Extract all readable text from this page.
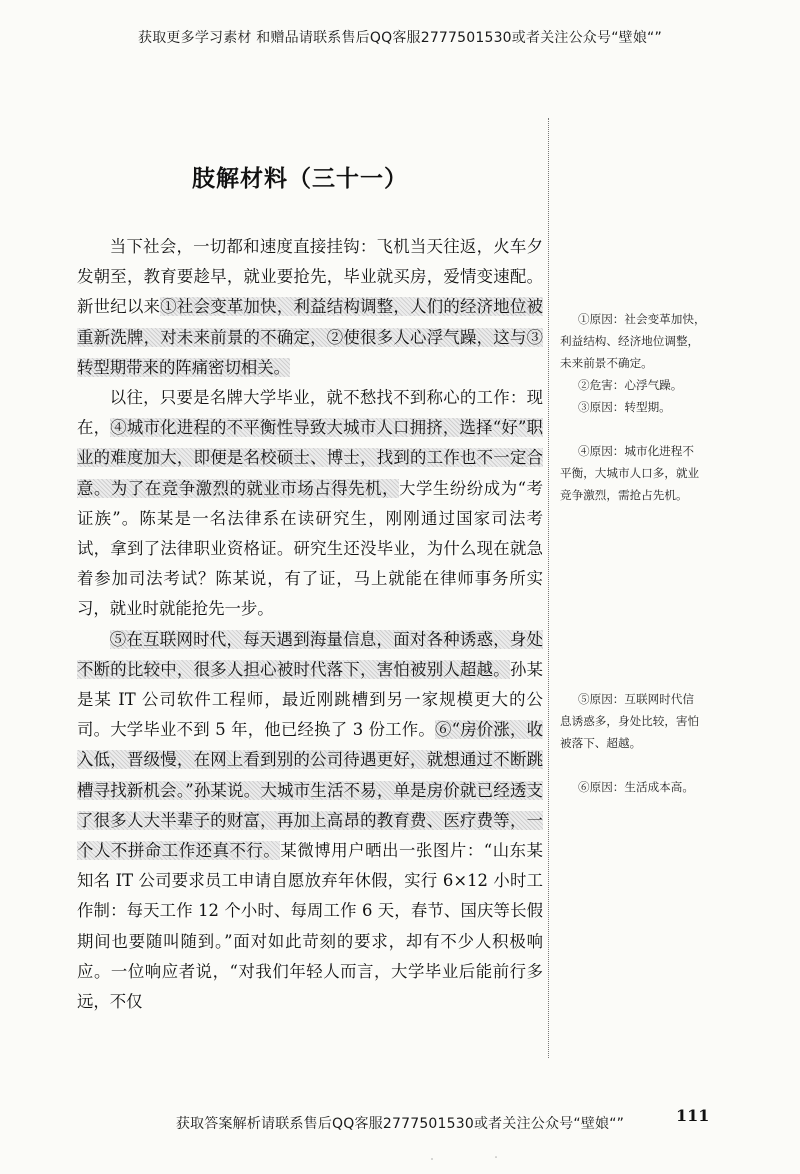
获取更多学习素材 和赠品请联系售后QQ客服2777501530或者关注公众号“壁娘“”
肢解材料（三十一）

当下社会，一切都和速度直接挂钩：飞机当天往返，火车夕发朝至，教育要趁早，就业要抢先，毕业就买房，爱情变速配。新世纪以来①社会变革加快，利益结构调整，人们的经济地位被重新洗牌，对未来前景的不确定，②使很多人心浮气躁，这与③转型期带来的阵痛密切相关。

以往，只要是名牌大学毕业，就不愁找不到称心的工作：现在，④城市化进程的不平衡性导致大城市人口拥挤，选择“好”职业的难度加大，即便是名校硕士、博士，找到的工作也不一定合意。为了在竞争激烈的就业市场占得先机，大学生纷纷成为“考证族”。陈某是一名法律系在读研究生，刚刚通过国家司法考试，拿到了法律职业资格证。研究生还没毕业，为什么现在就急着参加司法考试？陈某说，有了证，马上就能在律师事务所实习，就业时就能抢先一步。

⑤在互联网时代，每天遇到海量信息，面对各种诱惑，身处不断的比较中，很多人担心被时代落下，害怕被别人超越。孙某是某 IT 公司软件工程师，最近刚跳槽到另一家规模更大的公司。大学毕业不到 5 年，他已经换了 3 份工作。⑥“房价涨，收入低，晋级慢，在网上看到别的公司待遇更好，就想通过不断跳槽寻找新机会。”孙某说。大城市生活不易，单是房价就已经透支了很多人大半辈子的财富，再加上高昂的教育费、医疗费等，一个人不拼命工作还真不行。某微博用户晒出一张图片：“山东某知名 IT 公司要求员工申请自愿放弃年休假，实行 6×12 小时工作制：每天工作 12 个小时、每周工作 6 天，春节、国庆等长假期间也要随叫随到。”面对如此苛刻的要求，却有不少人积极响应。一位响应者说，“对我们年轻人而言，大学毕业后能前行多远，不仅

①原因：社会变革加快，
利益结构、经济地位调整，
未来前景不确定。
②危害：心浮气躁。
③原因：转型期。
④原因：城市化进程不
平衡，大城市人口多，就业
竞争激烈，需抢占先机。
⑤原因：互联网时代信
息诱惑多，身处比较，害怕
被落下、超越。
⑥原因：生活成本高。
111
获取答案解析请联系售后QQ客服2777501530或者关注公众号“壁娘“”
